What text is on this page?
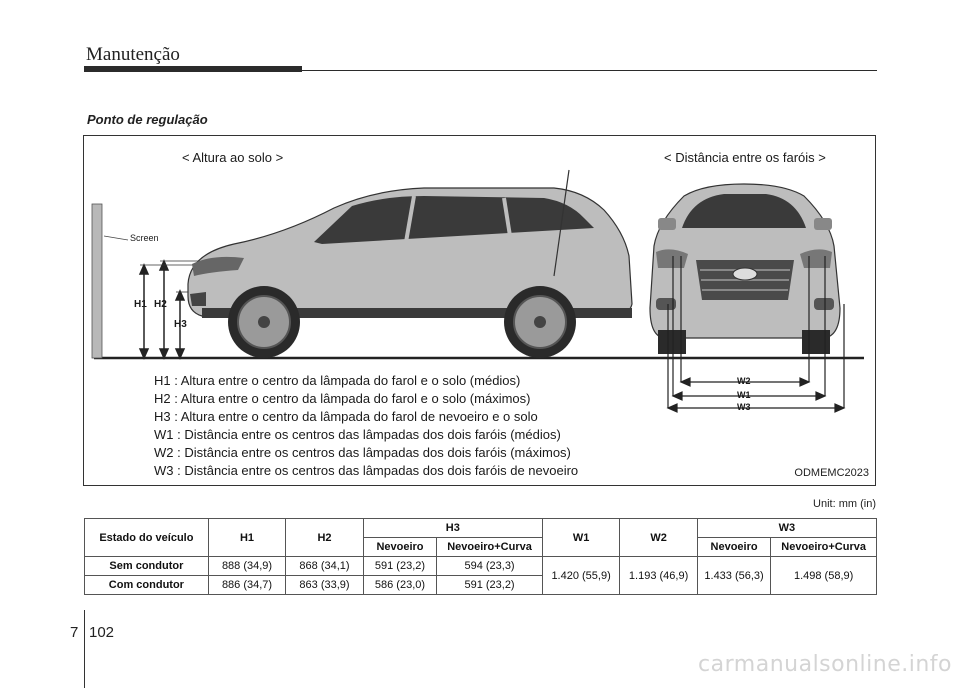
Manutenção
Ponto de regulação
< Altura ao solo >	< Distância entre os faróis >
Screen
H1 H2
H3
W2
W1
W3
H1 : Altura entre o centro da lâmpada do farol e o solo (médios)
H2 : Altura entre o centro da lâmpada do farol e o solo (máximos)
H3 : Altura entre o centro da lâmpada do farol de nevoeiro e o solo
W1 : Distância entre os centros das lâmpadas dos dois faróis (médios)
W2 : Distância entre os centros das lâmpadas dos dois faróis (máximos)
W3 : Distância entre os centros das lâmpadas dos dois faróis de nevoeiro	ODMEMC2023
Unit: mm (in)
Estado do veículo	H1	H2	H3		W1	W2	W3	
			Nevoeiro	Nevoeiro+Curva			Nevoeiro	Nevoeiro+Curva
Sem condutor	888 (34,9)	868 (34,1)	591 (23,2)	594 (23,3)	1.420 (55,9)	1.193 (46,9)	1.433 (56,3)	1.498 (58,9)
Com condutor	886 (34,7)	863 (33,9)	586 (23,0)	591 (23,2)				
7 102
carmanualsonline.info
